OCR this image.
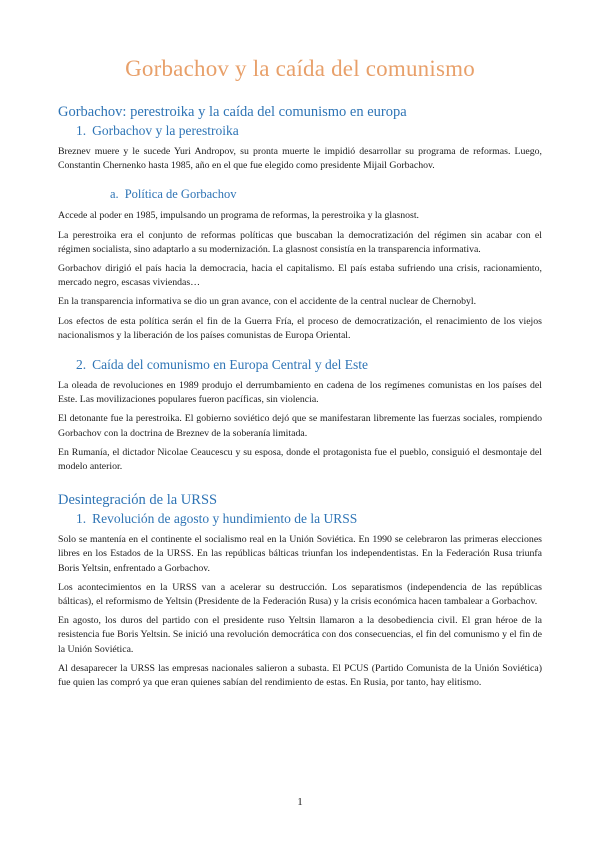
Gorbachov y la caída del comunismo
Gorbachov: perestroika y la caída del comunismo en europa
1. Gorbachov y la perestroika

Breznev muere y le sucede Yuri Andropov, su pronta muerte le impidió desarrollar su programa de reformas. Luego, Constantin Chernenko hasta 1985, año en el que fue elegido como presidente Mijail Gorbachov.

a. Política de Gorbachov

Accede al poder en 1985, impulsando un programa de reformas, la perestroika y la glasnost.

La perestroika era el conjunto de reformas políticas que buscaban la democratización del régimen sin acabar con el régimen socialista, sino adaptarlo a su modernización. La glasnost consistía en la transparencia informativa.

Gorbachov dirigió el país hacia la democracia, hacia el capitalismo. El país estaba sufriendo una crisis, racionamiento, mercado negro, escasas viviendas…

En la transparencia informativa se dio un gran avance, con el accidente de la central nuclear de Chernobyl.

Los efectos de esta política serán el fin de la Guerra Fría, el proceso de democratización, el renacimiento de los viejos nacionalismos y la liberación de los países comunistas de Europa Oriental.

2. Caída del comunismo en Europa Central y del Este

La oleada de revoluciones en 1989 produjo el derrumbamiento en cadena de los regímenes comunistas en los países del Este. Las movilizaciones populares fueron pacíficas, sin violencia.

El detonante fue la perestroika. El gobierno soviético dejó que se manifestaran libremente las fuerzas sociales, rompiendo Gorbachov con la doctrina de Breznev de la soberanía limitada.

En Rumanía, el dictador Nicolae Ceaucescu y su esposa, donde el protagonista fue el pueblo, consiguió el desmontaje del modelo anterior.

Desintegración de la URSS
1. Revolución de agosto y hundimiento de la URSS

Solo se mantenía en el continente el socialismo real en la Unión Soviética. En 1990 se celebraron las primeras elecciones libres en los Estados de la URSS. En las repúblicas bálticas triunfan los independentistas. En la Federación Rusa triunfa Boris Yeltsin, enfrentado a Gorbachov.

Los acontecimientos en la URSS van a acelerar su destrucción. Los separatismos (independencia de las repúblicas bálticas), el reformismo de Yeltsin (Presidente de la Federación Rusa) y la crisis económica hacen tambalear a Gorbachov.

En agosto, los duros del partido con el presidente ruso Yeltsin llamaron a la desobediencia civil. El gran héroe de la resistencia fue Boris Yeltsin. Se inició una revolución democrática con dos consecuencias, el fin del comunismo y el fin de la Unión Soviética.

Al desaparecer la URSS las empresas nacionales salieron a subasta. El PCUS (Partido Comunista de la Unión Soviética) fue quien las compró ya que eran quienes sabían del rendimiento de estas. En Rusia, por tanto, hay elitismo.

1
